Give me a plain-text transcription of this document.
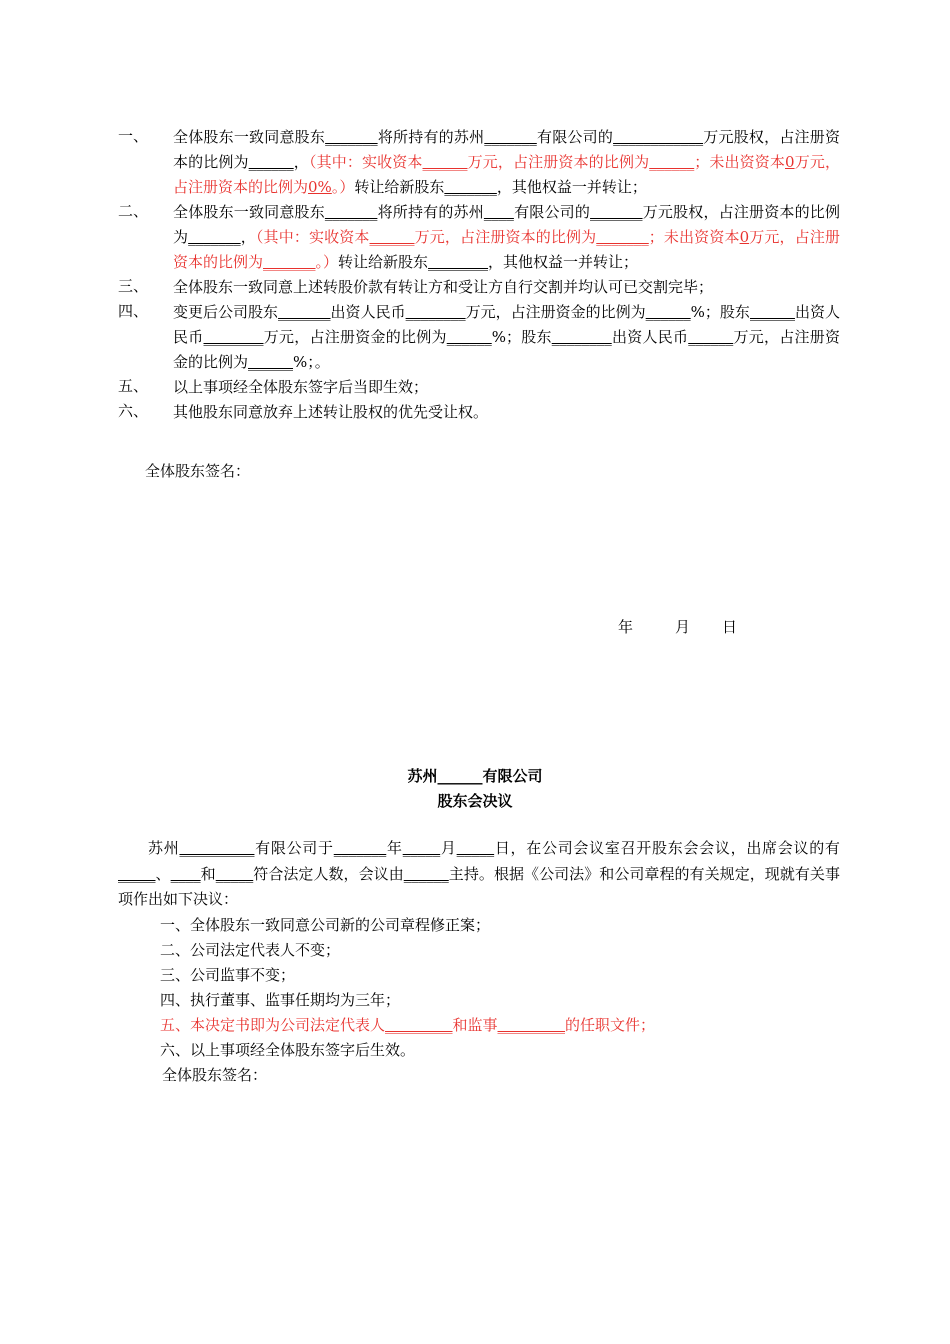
一、 全体股东一致同意股东_______将所持有的苏州_______有限公司的____________万元股权，占注册资本的比例为______，（其中：实收资本______万元，占注册资本的比例为______；未出资资本0万元，占注册资本的比例为0%。）转让给新股东_______，其他权益一并转让；
二、 全体股东一致同意股东_______将所持有的苏州____有限公司的_______万元股权，占注册资本的比例为_______，（其中：实收资本______万元，占注册资本的比例为_______；未出资资本0万元，占注册资本的比例为_______。）转让给新股东________，其他权益一并转让；
三、 全体股东一致同意上述转股价款有转让方和受让方自行交割并均认可已交割完毕；
四、 变更后公司股东_______出资人民币________万元，占注册资金的比例为______%；股东______出资人民币________万元，占注册资金的比例为______%；股东________出资人民币______万元，占注册资金的比例为______%；。
五、 以上事项经全体股东签字后当即生效；
六、 其他股东同意放弃上述转让股权的优先受让权。
全体股东签名：
年	月 日
苏州______有限公司
股东会决议
苏州__________有限公司于_______年_____月_____日，在公司会议室召开股东会会议，出席会议的有_____、____和_____符合法定人数，会议由______主持。根据《公司法》和公司章程的有关规定，现就有关事项作出如下决议：
一、全体股东一致同意公司新的公司章程修正案；
二、公司法定代表人不变；
三、公司监事不变；
四、执行董事、监事任期均为三年；
五、本决定书即为公司法定代表人_________和监事_________的任职文件；
六、以上事项经全体股东签字后生效。
全体股东签名：
